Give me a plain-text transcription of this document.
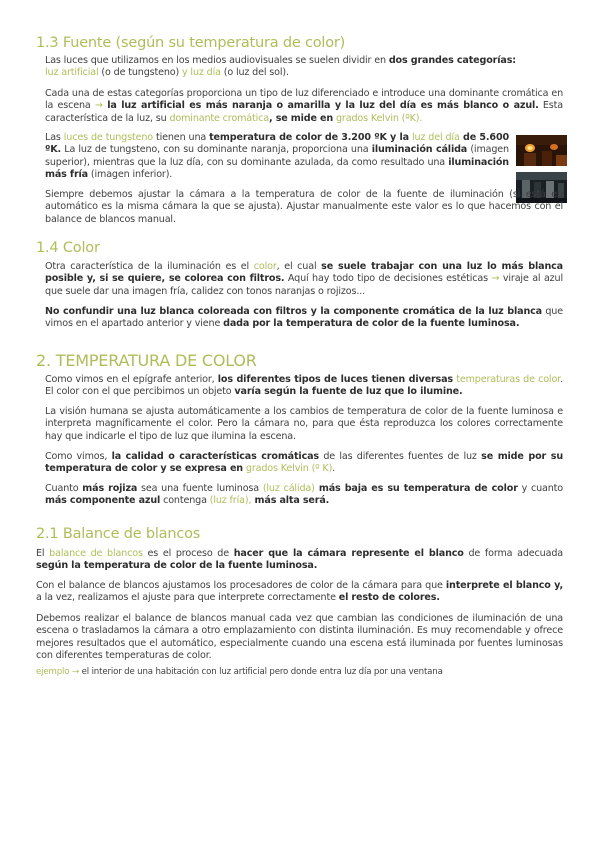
1.3 Fuente (según su temperatura de color)

Las luces que utilizamos en los medios audiovisuales se suelen dividir en dos grandes categorías:
luz artificial (o de tungsteno) y luz día (o luz del sol).

Cada una de estas categorías proporciona un tipo de luz diferenciado e introduce una dominante cromática en la escena → la luz artificial es más naranja o amarilla y la luz del día es más blanco o azul. Esta característica de la luz, su dominante cromática, se mide en grados Kelvin (ºK).

Las luces de tungsteno tienen una temperatura de color de 3.200 ºK y la luz del día de 5.600 ºK. La luz de tungsteno, con su dominante naranja, proporciona una iluminación cálida (imagen superior), mientras que la luz día, con su dominante azulada, da como resultado una iluminación más fría (imagen inferior).

Siempre debemos ajustar la cámara a la temperatura de color de la fuente de iluminación (si está en automático es la misma cámara la que se ajusta). Ajustar manualmente este valor es lo que hacemos con el balance de blancos manual.

1.4 Color

Otra característica de la iluminación es el color, el cual se suele trabajar con una luz lo más blanca posible y, si se quiere, se colorea con filtros. Aquí hay todo tipo de decisiones estéticas → viraje al azul que suele dar una imagen fría, calidez con tonos naranjas o rojizos...

No confundir una luz blanca coloreada con filtros y la componente cromática de la luz blanca que vimos en el apartado anterior y viene dada por la temperatura de color de la fuente luminosa.

2. TEMPERATURA DE COLOR

Como vimos en el epígrafe anterior, los diferentes tipos de luces tienen diversas temperaturas de color. El color con el que percibimos un objeto varía según la fuente de luz que lo ilumine.

La visión humana se ajusta automáticamente a los cambios de temperatura de color de la fuente luminosa e interpreta magníficamente el color. Pero la cámara no, para que ésta reproduzca los colores correctamente hay que indicarle el tipo de luz que ilumina la escena.

Como vimos, la calidad o características cromáticas de las diferentes fuentes de luz se mide por su temperatura de color y se expresa en grados Kelvin (º K).

Cuanto más rojiza sea una fuente luminosa (luz cálida) más baja es su temperatura de color y cuanto más componente azul contenga (luz fría), más alta será.

2.1 Balance de blancos

El balance de blancos es el proceso de hacer que la cámara represente el blanco de forma adecuada según la temperatura de color de la fuente luminosa.

Con el balance de blancos ajustamos los procesadores de color de la cámara para que interprete el blanco y, a la vez, realizamos el ajuste para que interprete correctamente el resto de colores.

Debemos realizar el balance de blancos manual cada vez que cambian las condiciones de iluminación de una escena o trasladamos la cámara a otro emplazamiento con distinta iluminación. Es muy recomendable y ofrece mejores resultados que el automático, especialmente cuando una escena está iluminada por fuentes luminosas con diferentes temperaturas de color.

ejemplo → el interior de una habitación con luz artificial pero donde entra luz día por una ventana
